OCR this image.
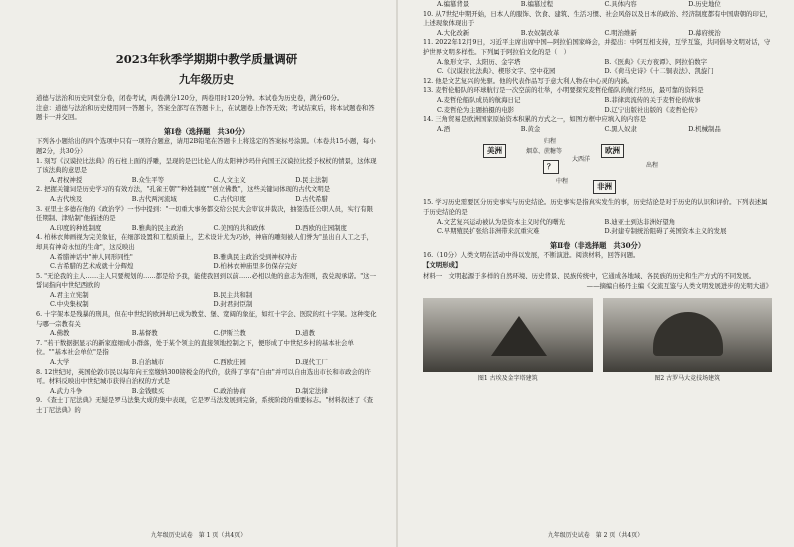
2023年秋季学期期中教学质量调研
九年级历史
道德与法治和历史同堂分卷，闭卷考试，两卷满分120分，两卷用时120分钟。本试卷为历史卷，满分60分。
注意：道德与法治和历史使用同一答题卡，答案全部写在答题卡上，在试题卷上作答无效；考试结束后，将本试题卷和答题卡一并交回。
第Ⅰ卷（选择题　共30分）
下列各小题给出的四个选项中只有一项符合题意，请用2B铅笔在答题卡上将选定的答案标号涂黑。（本卷共15小题，每小题2分，共30分）
1. 刻写《汉谟拉比法典》的石柱上面的浮雕，呈现的是巴比伦人的太阳神沙玛什向国王汉谟拉比授予权杖的情景，这体现了该法典的意思是
A.君权神授	B.众生平等	C.人文主义	D.民主法制
2. 把握关键词是历史学习的有效方法，"孔雀王朝""种姓制度""创立佛教"，这些关键词体现的古代文明是
A.古代埃及	B.古代两河流域	C.古代印度	D.古代希腊
3. 亚里士多德在他的《政治学》一书中提到："一切重大事务都交给公民大会审议并裁决，抽签选任公职人员，实行有限任期制、津贴制"他描述的是
A.印度的种姓制度	B.雅典的民主政治	C.美国的共和政体	D.西欧的庄园制度
4. 柏林衣帅画视为完美象征，在细部设置和工程质量上，艺术设计尤为巧妙，神庙的雕刻被人们誉为"虽出自人工之手，却具有神奇永恒的生命"，这反映出
A.希腊神话中"神人同形同性"	B.雅典民主政治受到神权冲击
C.古希腊的艺术成就十分辉煌	D.柏林衣神庙里多仿保存完好
5. "无论我的主人……主人只要规划的……都是给予我，能使我回到以前……必相以他的意志为准则，我兑现承诺。"这一誓词指向中世纪西欧的
A.君主立宪制	B.民主共和制
C.中央集权制	D.封君封臣制
6. 十字架本是残暴的刑具，但在中世纪的欧洲却已成为教堂、堡、宽阔的象征，如红十字会、医院的红十字架。这种变化与哪一宗教有关
A.佛教	B.基督教	C.伊斯兰教	D.道教
7. "若干数据据显示的新家庭细成小群落，处于某个领主的直接领地控制之下，便形成了中世纪乡村的基本社会单位。""基本社会单位"是指
A.大学	B.自治城市	C.西欧庄园	D.现代工厂
8. 12世纪时，英国伦敦市民以每年向王室缴纳300镑税金的代价，获得了享有"自由"并可以自由选出市长和市政会的许可。材料反映出中世纪城市获得自治权的方式是
A.武力斗争	B.金钱赎买	C.政治协商	D.制定法律
9. 《查士丁尼法典》无疑是罗马法集大成的集中表现，它是罗马法发展到完备，系统阶段的重要标志。"材料叙述了《查士丁尼法典》的
九年级历史试卷　第 1 页（共4页）
A.编纂背景	B.编纂过程	C.具体内容	D.历史地位
10. 从7世纪中期开始，日本人的服饰、饮食、建筑、生活习惯、社会风俗以及日本的政治、经济制度都有中国唐朝的印记，上述现象体现出于
A.大化改新	B.农奴制改革	C.明治维新	D.幕府统治
11. 2022年12月9日，习近平主席出席中国—阿拉伯国家峰会，并提出：中阿互相支持，互学互鉴，共同倡导文明对话，守护世界文明多样性。下列属于阿拉伯文化的是（　）
A.象形文字、太阳历、金字塔	B.《医典》《天方夜谭》、阿拉伯数字
C.《汉谟拉比法典》、楔形文字、空中花园	D.《荷马史诗》《十二铜表法》、凯旋门
12. 他是文艺复兴的先驱。他的代表作品写于意大利人物在中心灵的内涵。
13. 麦哲伦船队的环球航行是一次空前的壮举，小明要探究麦哲伦船队的航行经历，最可靠的资料是
A.麦哲伦船队成员的航海日记	B.菲律宾流传的关于麦哲伦的故事
C.麦哲伦为主题拍摄的电影	D.辽宁出版社出版的《麦哲伦传》
14. 三角贸易是欧洲国家原始资本积累的方式之一，如图方框中应填入的内容是
A.酒	B.黄金	C.黑人奴隶	D.机械制品
美洲	欧洲
非洲
归程
烟草、蔗糖等
？
大西洋
出程
中程
15. 学习历史需要区分历史事实与历史结论。历史事实是指真实发生的事，历史结论是对于历史的认识和评价。下列表述属于历史结论的是
A.文艺复兴运动被认为是资本主义时代的曙光	B.迪亚士到达非洲好望角
C.早期殖民扩张给非洲带来沉重灾难	D.封建专制统治阻碍了英国资本主义的发展
第Ⅱ卷（非选择题　共30分）
16.（10分）人类文明在活动中得以发展，不断演进。阅读材料，回答问题。
【文明形成】
材料一　文明起源于多样的自然环境、历史背景、民族传统中，它通成各地域、各民族的历史和生产方式的不同发展。
——摘编自杨丹主编《交流互鉴与人类文明发展进步的光明大道》
图1 古埃及金字塔建筑	图2 古罗马大竞技场建筑
九年级历史试卷　第 2 页（共4页）
